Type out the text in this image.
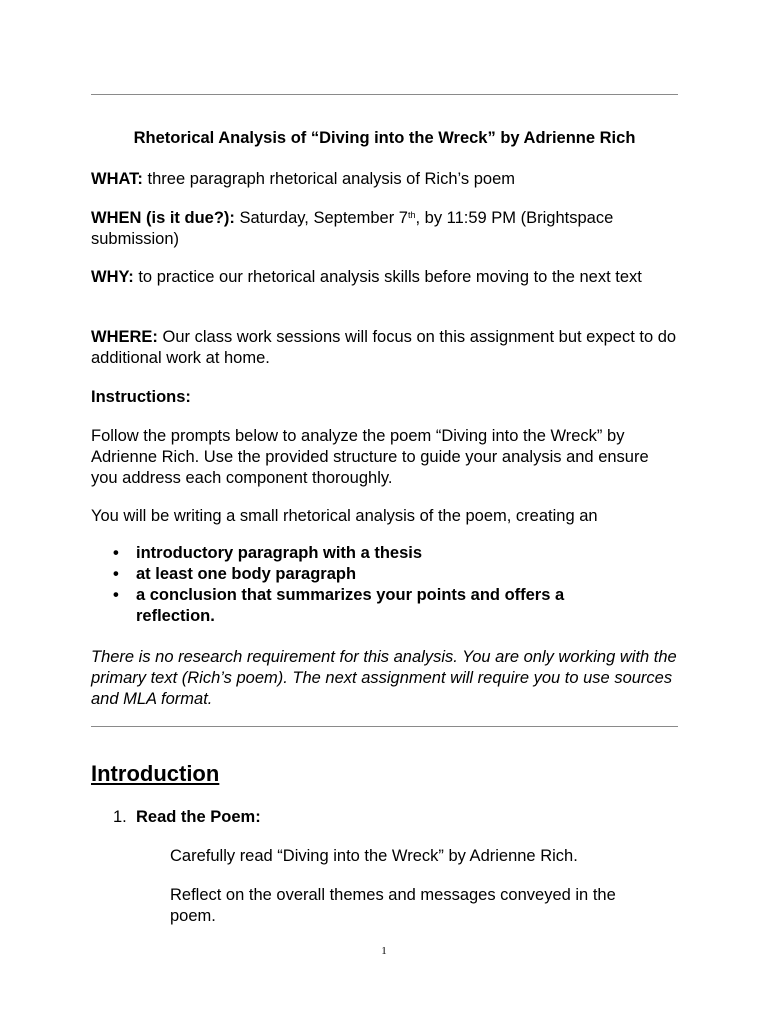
Rhetorical Analysis of “Diving into the Wreck” by Adrienne Rich

WHAT: three paragraph rhetorical analysis of Rich’s poem

WHEN (is it due?): Saturday, September 7th, by 11:59 PM (Brightspace submission)

WHY: to practice our rhetorical analysis skills before moving to the next text

WHERE: Our class work sessions will focus on this assignment but expect to do additional work at home.

Instructions:

Follow the prompts below to analyze the poem “Diving into the Wreck” by Adrienne Rich. Use the provided structure to guide your analysis and ensure you address each component thoroughly.

You will be writing a small rhetorical analysis of the poem, creating an

• introductory paragraph with a thesis
• at least one body paragraph
• a conclusion that summarizes your points and offers a reflection.

There is no research requirement for this analysis. You are only working with the primary text (Rich’s poem). The next assignment will require you to use sources and MLA format.

Introduction

1. Read the Poem:

Carefully read “Diving into the Wreck” by Adrienne Rich.

Reflect on the overall themes and messages conveyed in the poem.

1
